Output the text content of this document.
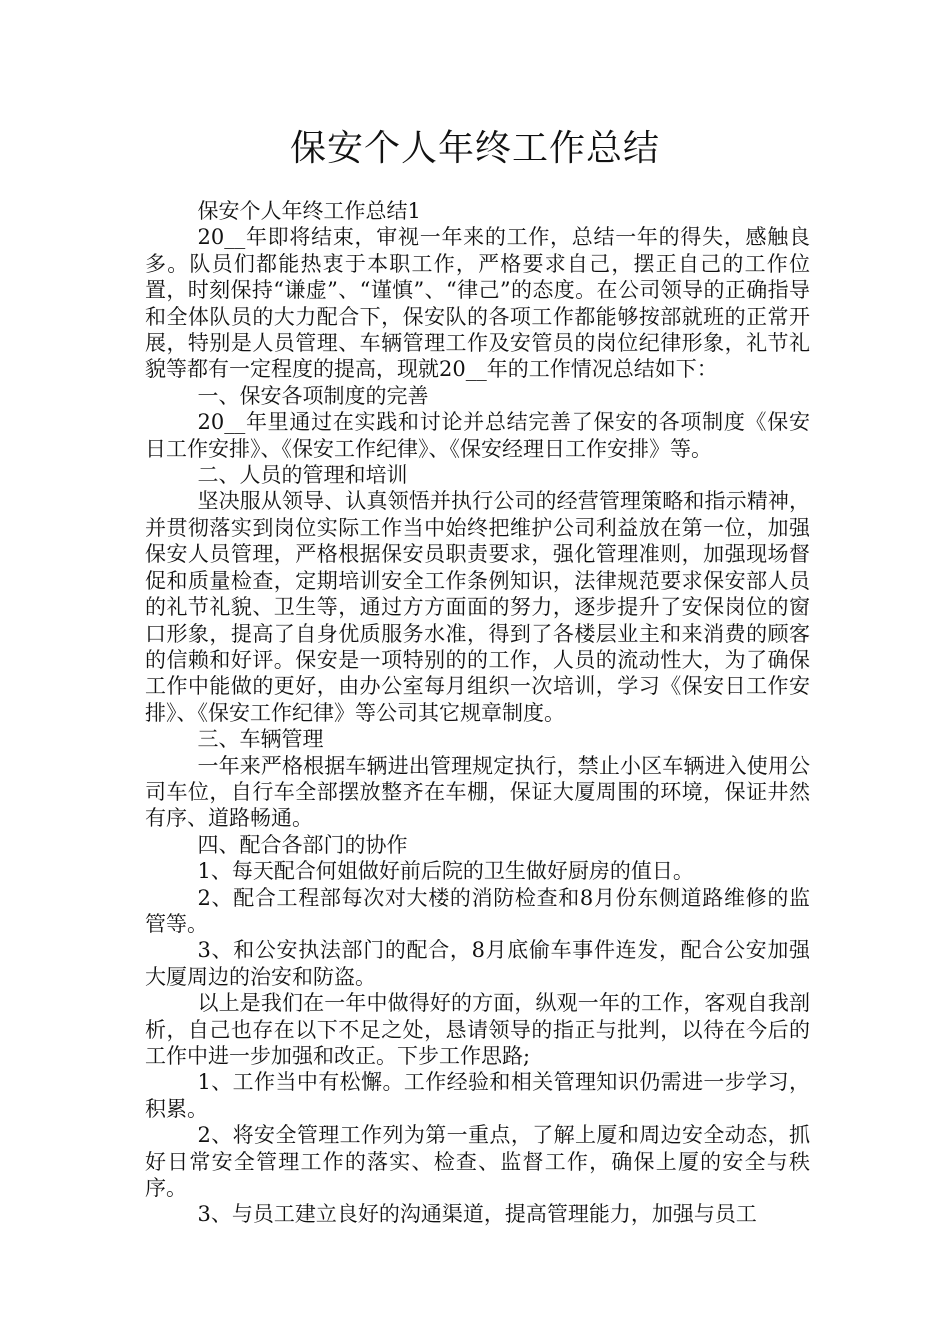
保安个人年终工作总结

保安个人年终工作总结1

20__年即将结束，审视一年来的工作，总结一年的得失，感触良多。队员们都能热衷于本职工作，严格要求自己，摆正自己的工作位置，时刻保持“谦虚”、“谨慎”、“律己”的态度。在公司领导的正确指导和全体队员的大力配合下，保安队的各项工作都能够按部就班的正常开展，特别是人员管理、车辆管理工作及安管员的岗位纪律形象，礼节礼貌等都有一定程度的提高，现就20__年的工作情况总结如下：

一、保安各项制度的完善

20__年里通过在实践和讨论并总结完善了保安的各项制度《保安日工作安排》、《保安工作纪律》、《保安经理日工作安排》等。

二、人员的管理和培训

坚决服从领导、认真领悟并执行公司的经营管理策略和指示精神，并贯彻落实到岗位实际工作当中始终把维护公司利益放在第一位，加强保安人员管理，严格根据保安员职责要求，强化管理准则，加强现场督促和质量检查，定期培训安全工作条例知识，法律规范要求保安部人员的礼节礼貌、卫生等，通过方方面面的努力，逐步提升了安保岗位的窗口形象，提高了自身优质服务水准，得到了各楼层业主和来消费的顾客的信赖和好评。保安是一项特别的的工作，人员的流动性大，为了确保工作中能做的更好，由办公室每月组织一次培训，学习《保安日工作安排》、《保安工作纪律》等公司其它规章制度。

三、车辆管理

一年来严格根据车辆进出管理规定执行，禁止小区车辆进入使用公司车位，自行车全部摆放整齐在车棚，保证大厦周围的环境，保证井然有序、道路畅通。

四、配合各部门的协作

1、每天配合何姐做好前后院的卫生做好厨房的值日。

2、配合工程部每次对大楼的消防检查和8月份东侧道路维修的监管等。

3、和公安执法部门的配合，8月底偷车事件连发，配合公安加强大厦周边的治安和防盗。

以上是我们在一年中做得好的方面，纵观一年的工作，客观自我剖析，自己也存在以下不足之处，恳请领导的指正与批判，以待在今后的工作中进一步加强和改正。下步工作思路;

1、工作当中有松懈。工作经验和相关管理知识仍需进一步学习，积累。

2、将安全管理工作列为第一重点，了解上厦和周边安全动态，抓好日常安全管理工作的落实、检查、监督工作，确保上厦的安全与秩序。

3、与员工建立良好的沟通渠道，提高管理能力，加强与员工
